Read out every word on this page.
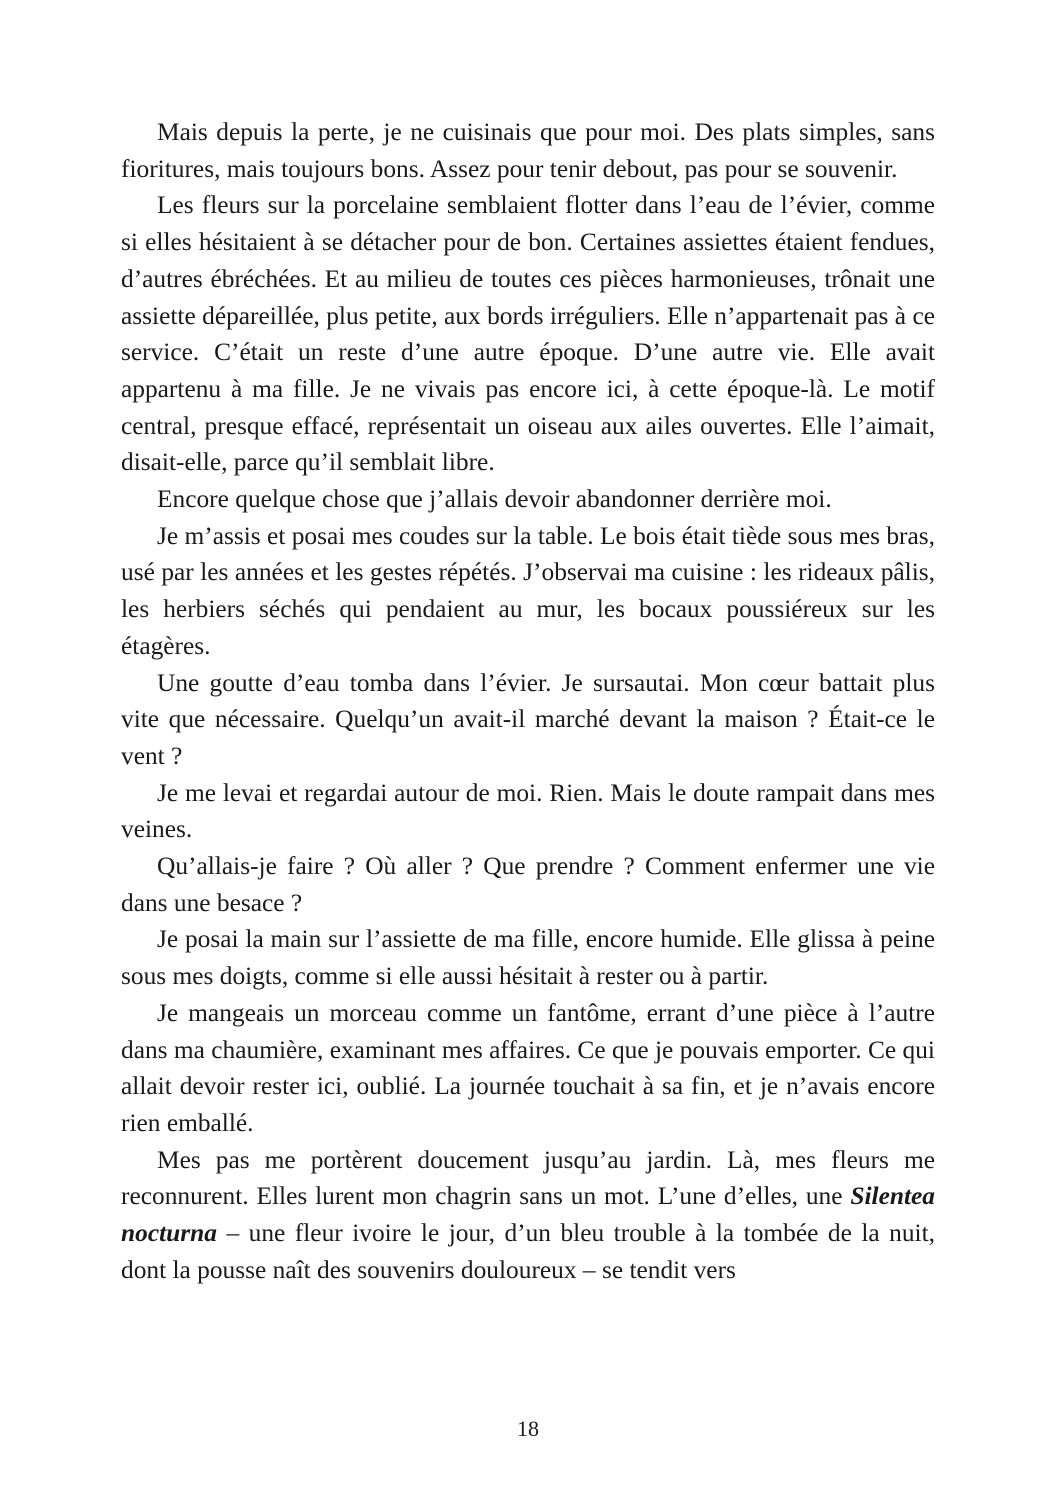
Mais depuis la perte, je ne cuisinais que pour moi. Des plats simples, sans fioritures, mais toujours bons. Assez pour tenir debout, pas pour se souvenir.

Les fleurs sur la porcelaine semblaient flotter dans l’eau de l’évier, comme si elles hésitaient à se détacher pour de bon. Certaines assiettes étaient fendues, d’autres ébréchées. Et au milieu de toutes ces pièces harmonieuses, trônait une assiette dépareillée, plus petite, aux bords irréguliers. Elle n’appartenait pas à ce service. C’était un reste d’une autre époque. D’une autre vie. Elle avait appartenu à ma fille. Je ne vivais pas encore ici, à cette époque-là. Le motif central, presque effacé, représentait un oiseau aux ailes ouvertes. Elle l’aimait, disait-elle, parce qu’il semblait libre.

Encore quelque chose que j’allais devoir abandonner derrière moi.

Je m’assis et posai mes coudes sur la table. Le bois était tiède sous mes bras, usé par les années et les gestes répétés. J’observai ma cuisine : les rideaux pâlis, les herbiers séchés qui pendaient au mur, les bocaux poussiéreux sur les étagères.

Une goutte d’eau tomba dans l’évier. Je sursautai. Mon cœur battait plus vite que nécessaire. Quelqu’un avait-il marché devant la maison ? Était-ce le vent ?

Je me levai et regardai autour de moi. Rien. Mais le doute rampait dans mes veines.

Qu’allais-je faire ? Où aller ? Que prendre ? Comment enfermer une vie dans une besace ?

Je posai la main sur l’assiette de ma fille, encore humide. Elle glissa à peine sous mes doigts, comme si elle aussi hésitait à rester ou à partir.

Je mangeais un morceau comme un fantôme, errant d’une pièce à l’autre dans ma chaumière, examinant mes affaires. Ce que je pouvais emporter. Ce qui allait devoir rester ici, oublié. La journée touchait à sa fin, et je n’avais encore rien emballé.

Mes pas me portèrent doucement jusqu’au jardin. Là, mes fleurs me reconnurent. Elles lurent mon chagrin sans un mot. L’une d’elles, une Silentea nocturna – une fleur ivoire le jour, d’un bleu trouble à la tombée de la nuit, dont la pousse naît des souvenirs douloureux – se tendit vers

18
